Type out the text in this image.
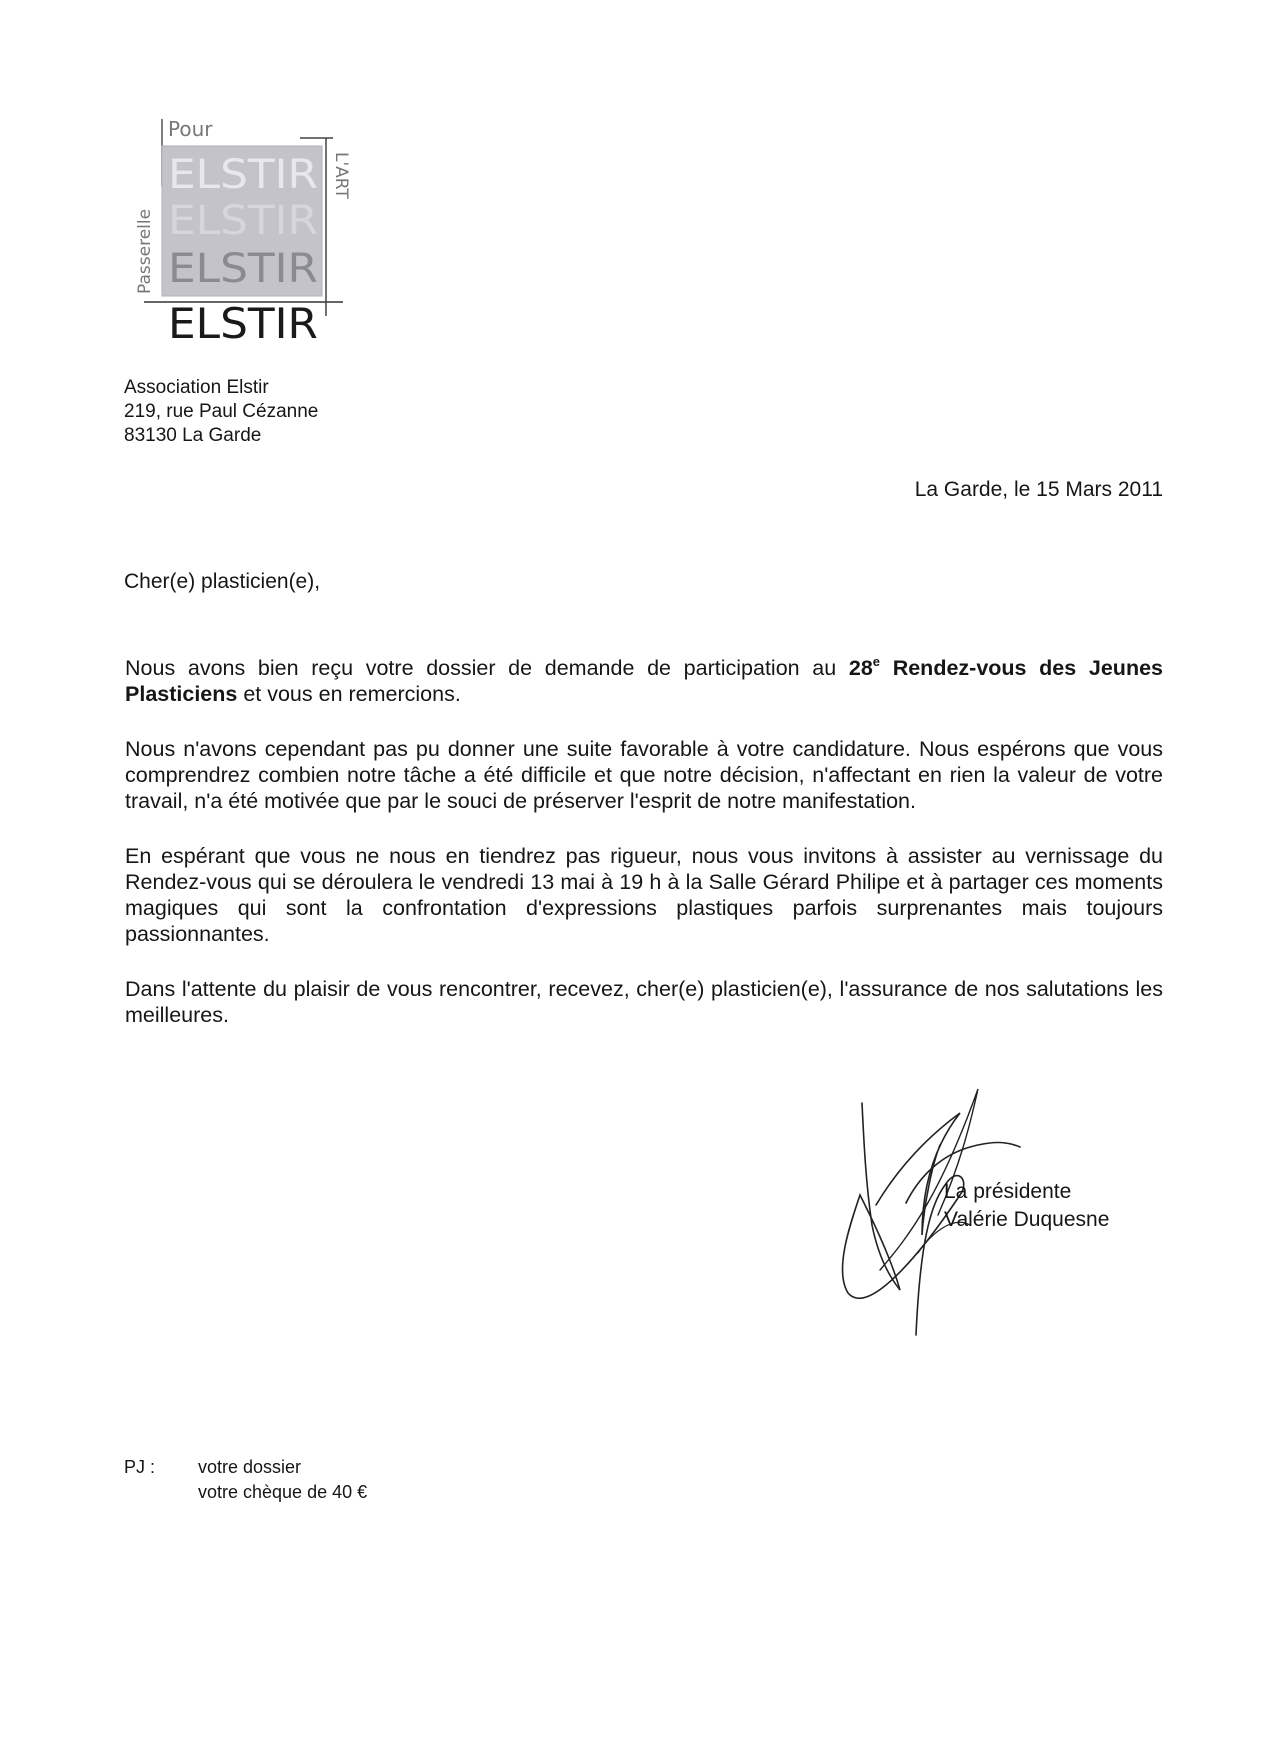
Pour
Passerelle
L'ART
ELSTIR
ELSTIR
ELSTIR
ELSTIR
Association Elstir
219, rue Paul Cézanne
83130 La Garde
La Garde, le 15 Mars 2011
Cher(e) plasticien(e),

Nous avons bien reçu votre dossier de demande de participation au 28e Rendez-vous des Jeunes Plasticiens et vous en remercions.

Nous n'avons cependant pas pu donner une suite favorable à votre candidature. Nous espérons que vous comprendrez combien notre tâche a été difficile et que notre décision, n'affectant en rien la valeur de votre travail, n'a été motivée que par le souci de préserver l'esprit de notre manifestation.

En espérant que vous ne nous en tiendrez pas rigueur, nous vous invitons à assister au vernissage du Rendez-vous qui se déroulera le vendredi 13 mai à 19 h à la Salle Gérard Philipe et à partager ces moments magiques qui sont la confrontation d'expressions plastiques parfois surprenantes mais toujours passionnantes.

Dans l'attente du plaisir de vous rencontrer, recevez, cher(e) plasticien(e), l'assurance de nos salutations les meilleures.

La présidente
Valérie Duquesne
PJ : votre dossier
votre chèque de 40 €
